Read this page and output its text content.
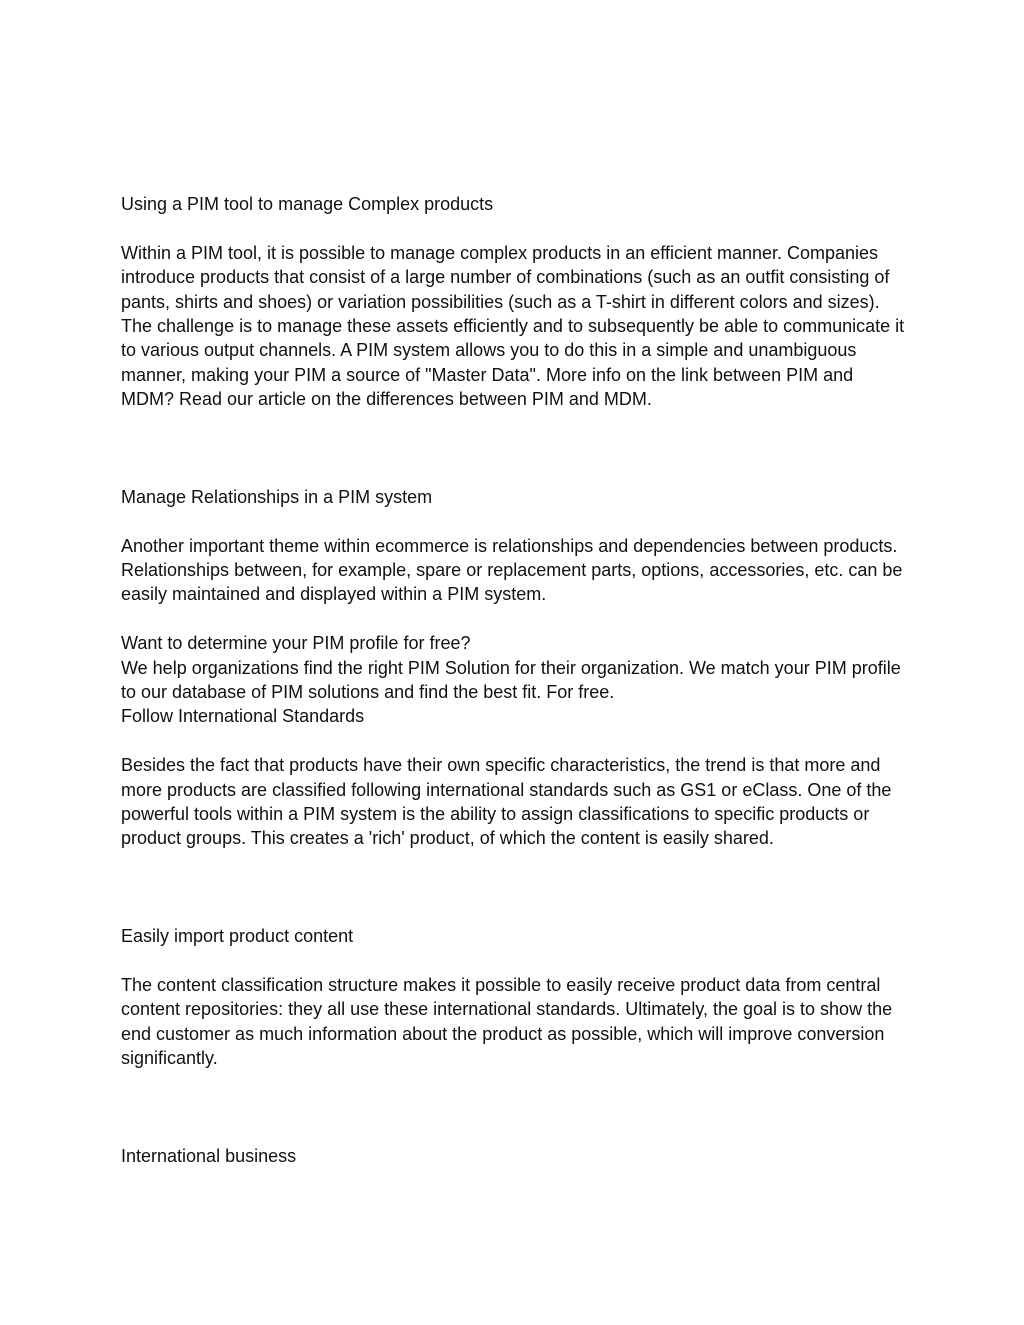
Using a PIM tool to manage Complex products

Within a PIM tool, it is possible to manage complex products in an efficient manner. Companies introduce products that consist of a large number of combinations (such as an outfit consisting of pants, shirts and shoes) or variation possibilities (such as a T-shirt in different colors and sizes). The challenge is to manage these assets efficiently and to subsequently be able to communicate it to various output channels. A PIM system allows you to do this in a simple and unambiguous manner, making your PIM a source of "Master Data". More info on the link between PIM and MDM? Read our article on the differences between PIM and MDM.

Manage Relationships in a PIM system

Another important theme within ecommerce is relationships and dependencies between products. Relationships between, for example, spare or replacement parts, options, accessories, etc. can be easily maintained and displayed within a PIM system.

Want to determine your PIM profile for free?

We help organizations find the right PIM Solution for their organization. We match your PIM profile to our database of PIM solutions and find the best fit. For free.

Follow International Standards

Besides the fact that products have their own specific characteristics, the trend is that more and more products are classified following international standards such as GS1 or eClass. One of the powerful tools within a PIM system is the ability to assign classifications to specific products or product groups. This creates a 'rich' product, of which the content is easily shared.

Easily import product content

The content classification structure makes it possible to easily receive product data from central content repositories: they all use these international standards. Ultimately, the goal is to show the end customer as much information about the product as possible, which will improve conversion significantly.

International business
